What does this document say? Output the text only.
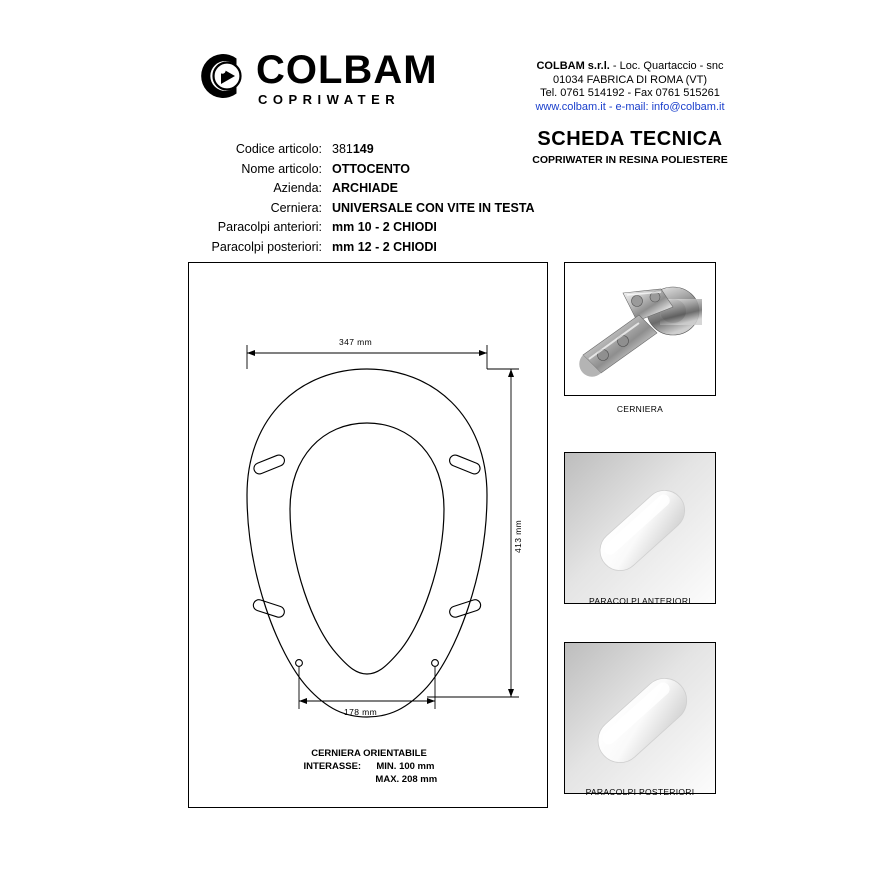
COLBAM
COPRIWATER
COLBAM s.r.l. - Loc. Quartaccio - snc
01034 FABRICA DI ROMA (VT)
Tel. 0761 514192 - Fax 0761 515261
www.colbam.it - e-mail: info@colbam.it
SCHEDA TECNICA
COPRIWATER IN RESINA POLIESTERE
Codice articolo: 381149
Nome articolo: OTTOCENTO
Azienda: ARCHIADE
Cerniera: UNIVERSALE CON VITE IN TESTA
Paracolpi anteriori: mm 10 - 2 CHIODI
Paracolpi posteriori: mm 12 - 2 CHIODI
347 mm
413 mm
178 mm
CERNIERA ORIENTABILE
INTERASSE: MIN. 100 mm
MAX. 208 mm
CERNIERA
PARACOLPI ANTERIORI
PARACOLPI POSTERIORI
